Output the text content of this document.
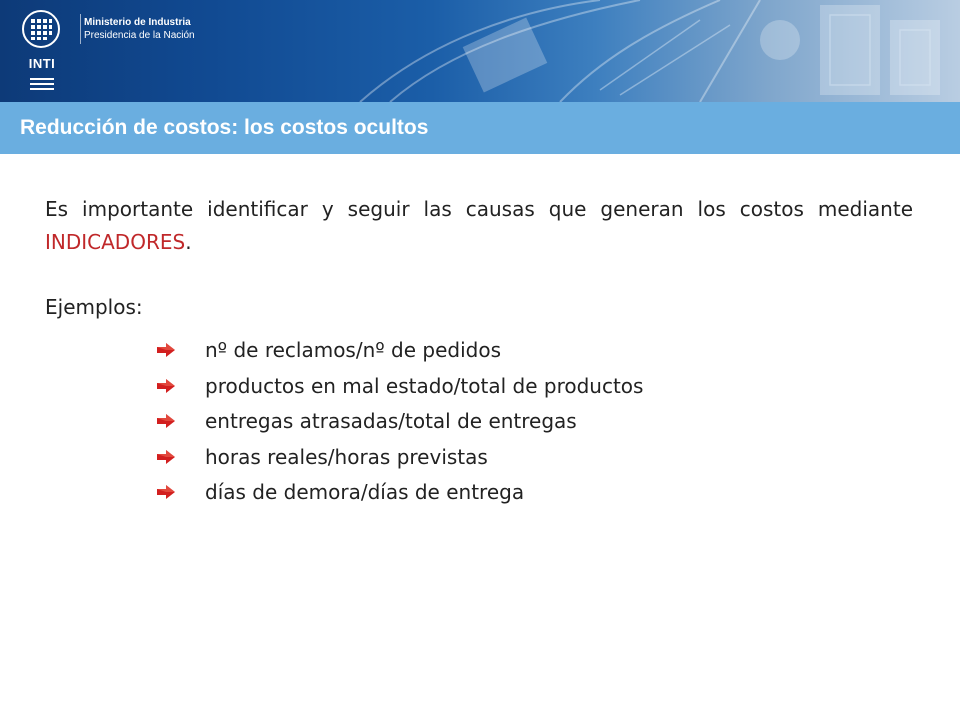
INTI
Ministerio de Industria
Presidencia de la Nación
Reducción de costos: los costos ocultos

Es importante identificar y seguir las causas que generan los costos mediante INDICADORES.

Ejemplos:

nº de reclamos/nº de pedidos
productos en mal estado/total de productos
entregas atrasadas/total de entregas
horas reales/horas previstas
días de demora/días de entrega
